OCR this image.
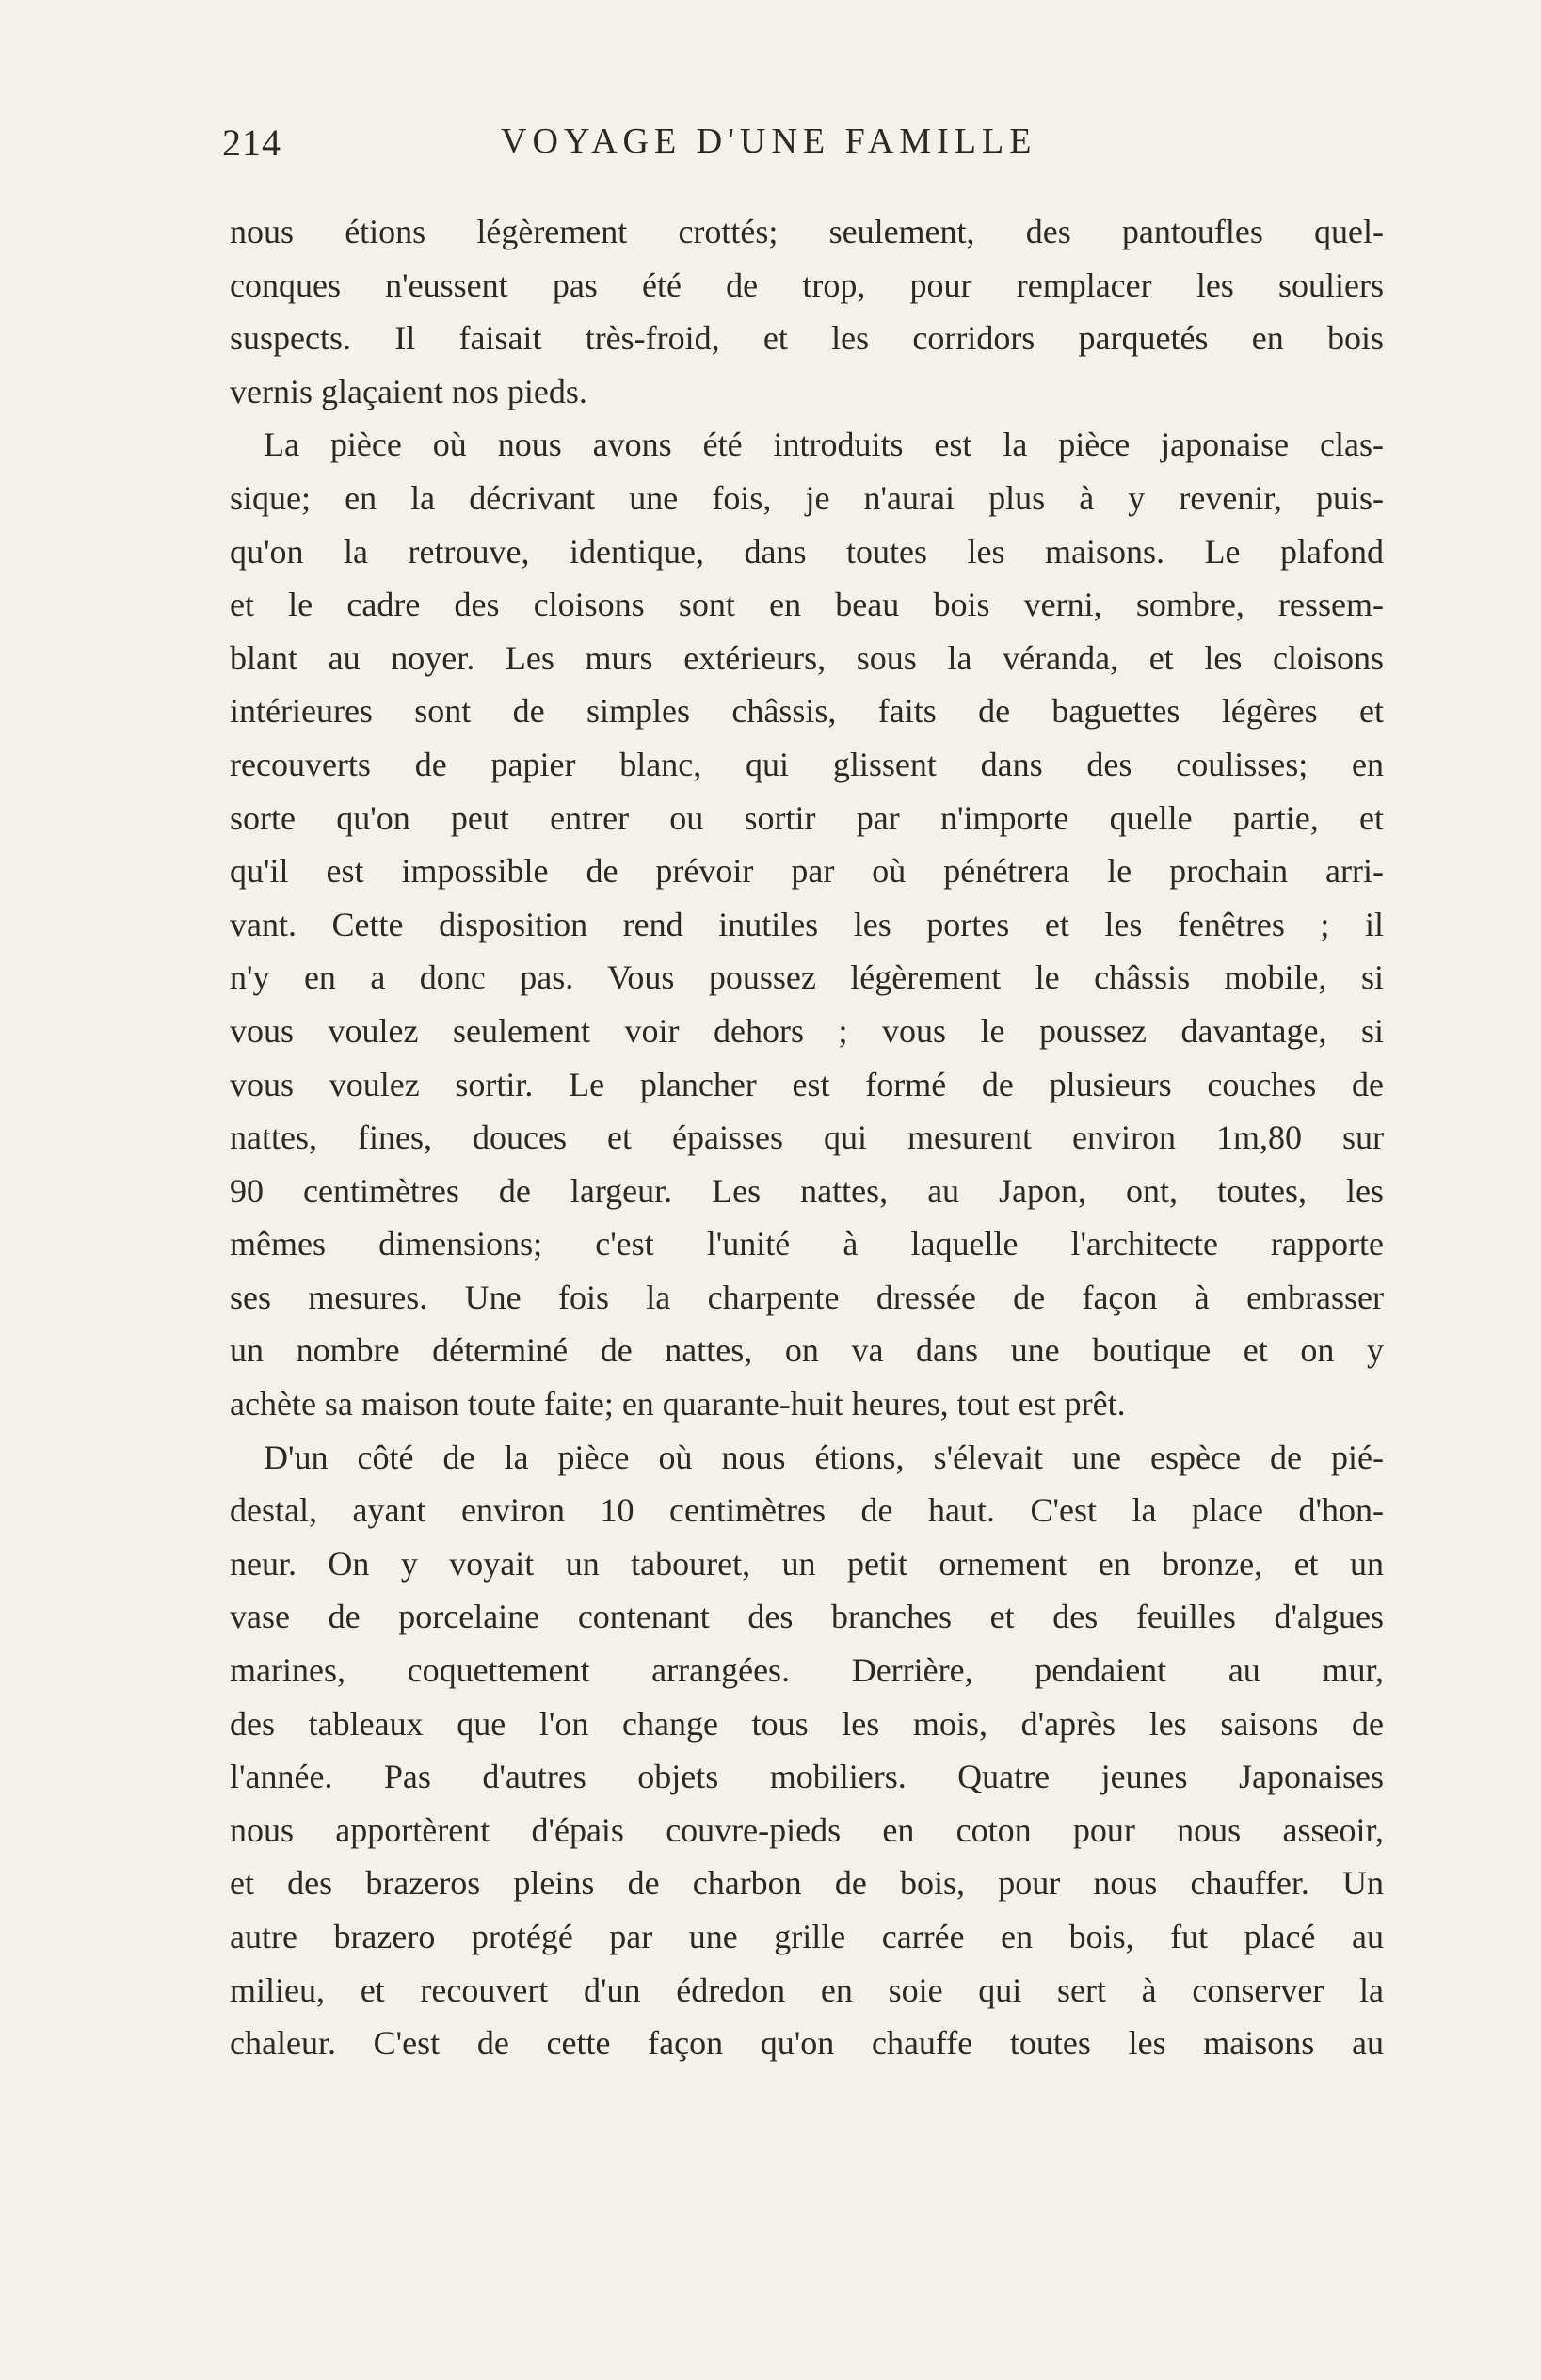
214	VOYAGE D'UNE FAMILLE
nous étions légèrement crottés; seulement, des pantoufles quel-
conques n'eussent pas été de trop, pour remplacer les souliers
suspects. Il faisait très-froid, et les corridors parquetés en bois
vernis glaçaient nos pieds.
La pièce où nous avons été introduits est la pièce japonaise clas-
sique; en la décrivant une fois, je n'aurai plus à y revenir, puis-
qu'on la retrouve, identique, dans toutes les maisons. Le plafond
et le cadre des cloisons sont en beau bois verni, sombre, ressem-
blant au noyer. Les murs extérieurs, sous la véranda, et les cloisons
intérieures sont de simples châssis, faits de baguettes légères et
recouverts de papier blanc, qui glissent dans des coulisses; en
sorte qu'on peut entrer ou sortir par n'importe quelle partie, et
qu'il est impossible de prévoir par où pénétrera le prochain arri-
vant. Cette disposition rend inutiles les portes et les fenêtres ; il
n'y en a donc pas. Vous poussez légèrement le châssis mobile, si
vous voulez seulement voir dehors ; vous le poussez davantage, si
vous voulez sortir. Le plancher est formé de plusieurs couches de
nattes, fines, douces et épaisses qui mesurent environ 1m,80 sur
90 centimètres de largeur. Les nattes, au Japon, ont, toutes, les
mêmes dimensions; c'est l'unité à laquelle l'architecte rapporte
ses mesures. Une fois la charpente dressée de façon à embrasser
un nombre déterminé de nattes, on va dans une boutique et on y
achète sa maison toute faite; en quarante-huit heures, tout est prêt.
D'un côté de la pièce où nous étions, s'élevait une espèce de pié-
destal, ayant environ 10 centimètres de haut. C'est la place d'hon-
neur. On y voyait un tabouret, un petit ornement en bronze, et un
vase de porcelaine contenant des branches et des feuilles d'algues
marines, coquettement arrangées. Derrière, pendaient au mur,
des tableaux que l'on change tous les mois, d'après les saisons de
l'année. Pas d'autres objets mobiliers. Quatre jeunes Japonaises
nous apportèrent d'épais couvre-pieds en coton pour nous asseoir,
et des brazeros pleins de charbon de bois, pour nous chauffer. Un
autre brazero protégé par une grille carrée en bois, fut placé au
milieu, et recouvert d'un édredon en soie qui sert à conserver la
chaleur. C'est de cette façon qu'on chauffe toutes les maisons au
